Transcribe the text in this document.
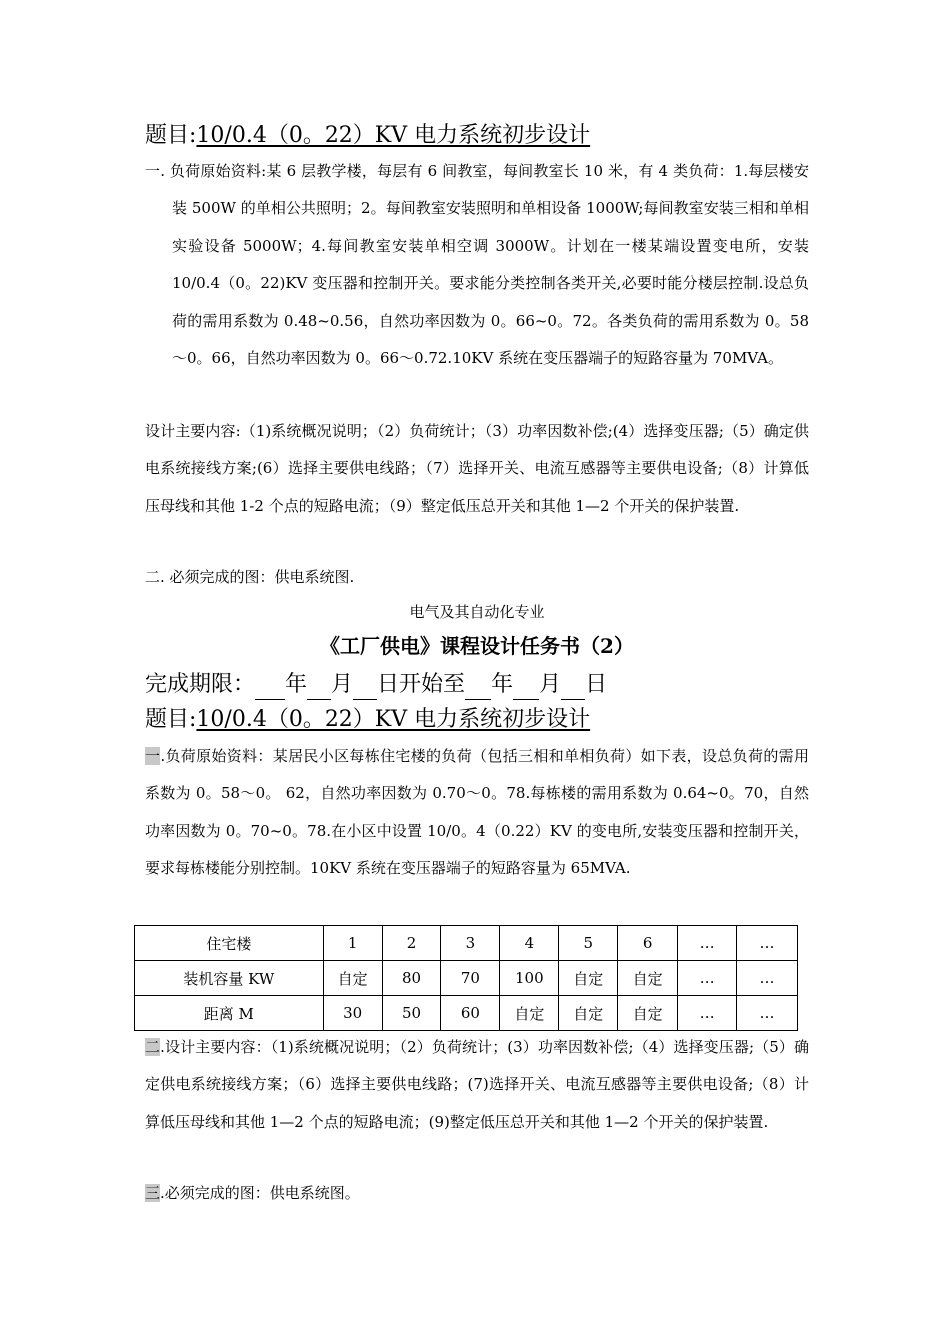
题目:10/0.4（0。22）KV 电力系统初步设计

一. 负荷原始资料:某 6 层教学楼，每层有 6 间教室，每间教室长 10 米，有 4 类负荷：1.每层楼安装 500W 的单相公共照明；2。每间教室安装照明和单相设备 1000W;每间教室安装三相和单相实验设备 5000W；4.每间教室安装单相空调 3000W。计划在一楼某端设置变电所，安装 10/0.4（0。22)KV 变压器和控制开关。要求能分类控制各类开关,必要时能分楼层控制.设总负荷的需用系数为 0.48~0.56，自然功率因数为 0。66~0。72。各类负荷的需用系数为 0。58～0。66，自然功率因数为 0。66～0.72.10KV 系统在变压器端子的短路容量为 70MVA。

设计主要内容:（1)系统概况说明；（2）负荷统计；（3）功率因数补偿;(4）选择变压器;（5）确定供电系统接线方案;(6）选择主要供电线路；（7）选择开关、电流互感器等主要供电设备;（8）计算低压母线和其他 1-2 个点的短路电流；（9）整定低压总开关和其他 1—2 个开关的保护装置.

二. 必须完成的图：供电系统图.

电气及其自动化专业

《工厂供电》课程设计任务书（2）

完成期限： 年 月 日开始至 年 月 日
题目:10/0.4（0。22）KV 电力系统初步设计

一.负荷原始资料：某居民小区每栋住宅楼的负荷（包括三相和单相负荷）如下表，设总负荷的需用系数为 0。58～0。 62，自然功率因数为 0.70～0。78.每栋楼的需用系数为 0.64~0。70，自然功率因数为 0。70~0。78.在小区中设置 10/0。4（0.22）KV 的变电所,安装变压器和控制开关，要求每栋楼能分别控制。10KV 系统在变压器端子的短路容量为 65MVA.

住宅楼	1	2	3	4	5	6	…	…
装机容量 KW	自定	80	70	100	自定	自定	…	…
距离 M	30	50	60	自定	自定	自定	…	…

二.设计主要内容：（1)系统概况说明；（2）负荷统计；(3）功率因数补偿;（4）选择变压器;（5）确定供电系统接线方案；（6）选择主要供电线路；(7)选择开关、电流互感器等主要供电设备;（8）计算低压母线和其他 1—2 个点的短路电流；(9)整定低压总开关和其他 1—2 个开关的保护装置.

三.必须完成的图：供电系统图。
